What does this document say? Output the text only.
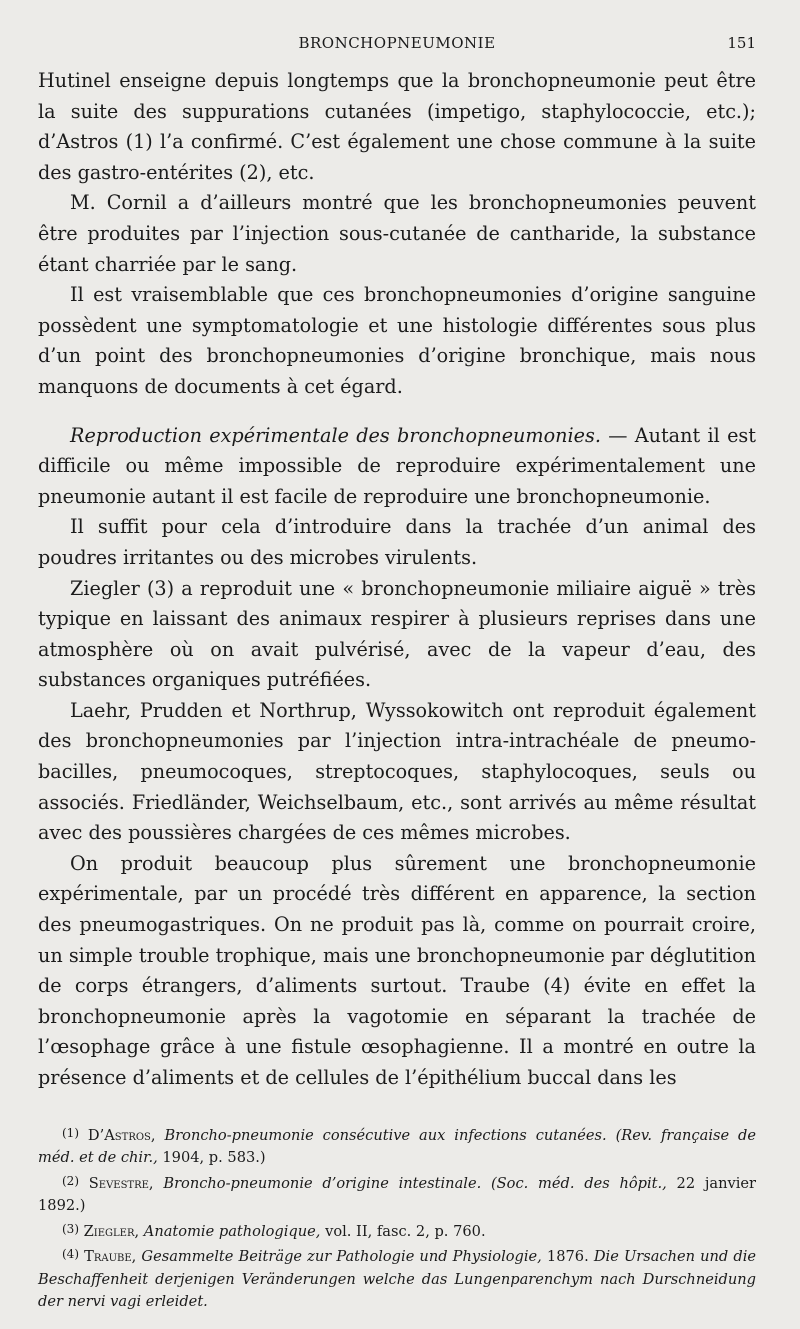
BRONCHOPNEUMONIE	151

Hutinel enseigne depuis longtemps que la bronchopneumonie peut être la suite des suppurations cutanées (impetigo, staphylococcie, etc.); d’Astros (1) l’a confirmé. C’est également une chose commune à la suite des gastro-entérites (2), etc.

M. Cornil a d’ailleurs montré que les bronchopneumonies peuvent être produites par l’injection sous-cutanée de cantharide, la substance étant charriée par le sang.

Il est vraisemblable que ces bronchopneumonies d’origine sanguine possèdent une symptomatologie et une histologie différentes sous plus d’un point des bronchopneumonies d’origine bronchique, mais nous manquons de documents à cet égard.

Reproduction expérimentale des bronchopneumonies. — Autant il est difficile ou même impossible de reproduire expérimentalement une pneumonie autant il est facile de reproduire une bronchopneumonie.

Il suffit pour cela d’introduire dans la trachée d’un animal des poudres irritantes ou des microbes virulents.

Ziegler (3) a reproduit une « bronchopneumonie miliaire aiguë » très typique en laissant des animaux respirer à plusieurs reprises dans une atmosphère où on avait pulvérisé, avec de la vapeur d’eau, des substances organiques putréfiées.

Laehr, Prudden et Northrup, Wyssokowitch ont reproduit également des bronchopneumonies par l’injection intra-intrachéale de pneumo-bacilles, pneumocoques, streptocoques, staphylocoques, seuls ou associés. Friedländer, Weichselbaum, etc., sont arrivés au même résultat avec des poussières chargées de ces mêmes microbes.

On produit beaucoup plus sûrement une bronchopneumonie expérimentale, par un procédé très différent en apparence, la section des pneumogastriques. On ne produit pas là, comme on pourrait croire, un simple trouble trophique, mais une bronchopneumonie par déglutition de corps étrangers, d’aliments surtout. Traube (4) évite en effet la bronchopneumonie après la vagotomie en séparant la trachée de l’œsophage grâce à une fistule œsophagienne. Il a montré en outre la présence d’aliments et de cellules de l’épithélium buccal dans les

$^{(1)}$ D’Astros, Broncho-pneumonie consécutive aux infections cutanées. (Rev. française de méd. et de chir., 1904, p. 583.)

$^{(2)}$ Sevestre, Broncho-pneumonie d’origine intestinale. (Soc. méd. des hôpit., 22 janvier 1892.)

$^{(3)}$ Ziegler, Anatomie pathologique, vol. II, fasc. 2, p. 760.

$^{(4)}$ Traube, Gesammelte Beiträge zur Pathologie und Physiologie, 1876. Die Ursachen und die Beschaffenheit derjenigen Veränderungen welche das Lungenparenchym nach Durschneidung der nervi vagi erleidet.
